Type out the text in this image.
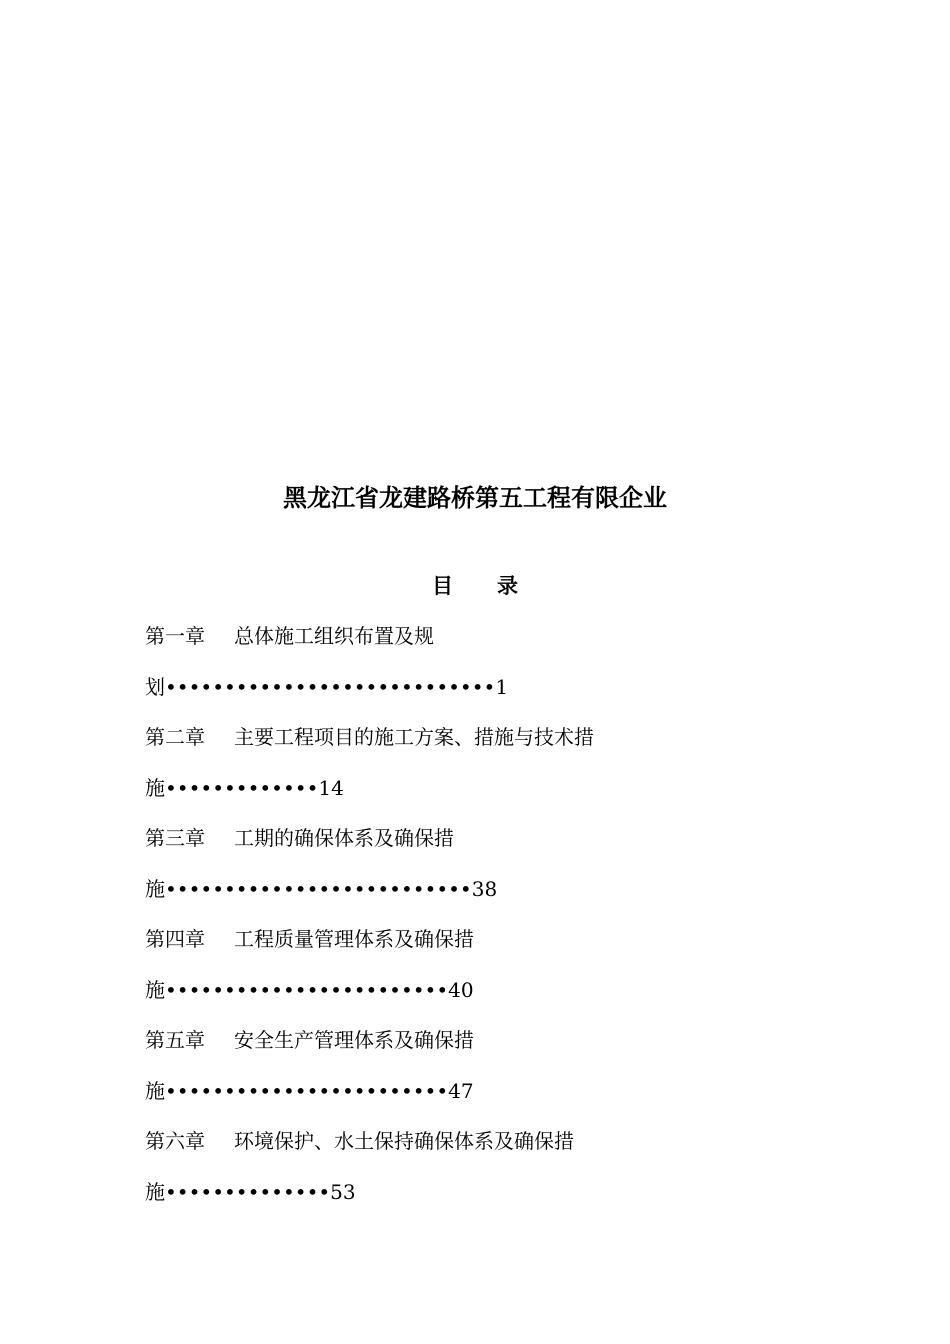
黑龙江省龙建路桥第五工程有限企业
目 录
第一章 总体施工组织布置及规
划••••••••••••••••••••••••••••1
第二章 主要工程项目的施工方案、措施与技术措
施•••••••••••••14
第三章 工期的确保体系及确保措
施••••••••••••••••••••••••••38
第四章 工程质量管理体系及确保措
施••••••••••••••••••••••••40
第五章 安全生产管理体系及确保措
施••••••••••••••••••••••••47
第六章 环境保护、水土保持确保体系及确保措
施••••••••••••••53
